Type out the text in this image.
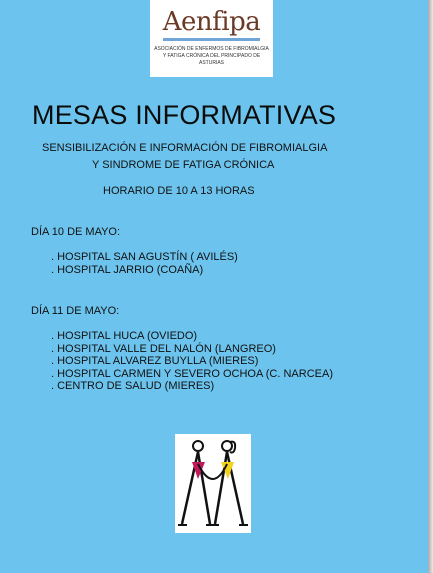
Aenfipa
ASOCIACIÓN DE ENFERMOS DE FIBROMIALGIA
Y FATIGA CRÓNICA DEL PRINCIPADO DE ASTURIAS
MESAS INFORMATIVAS
SENSIBILIZACIÓN E INFORMACIÓN DE FIBROMIALGIA
Y SINDROME DE FATIGA CRÓNICA
HORARIO DE 10 A 13 HORAS
DÍA 10 DE MAYO:
. HOSPITAL SAN AGUSTÍN ( AVILÉS)
. HOSPITAL JARRIO (COAÑA)
DÍA 11 DE MAYO:
. HOSPITAL HUCA (OVIEDO)
. HOSPITAL VALLE DEL NALÓN (LANGREO)
. HOSPITAL ALVAREZ BUYLLA (MIERES)
. HOSPITAL CARMEN Y SEVERO OCHOA (C. NARCEA)
. CENTRO DE SALUD (MIERES)
